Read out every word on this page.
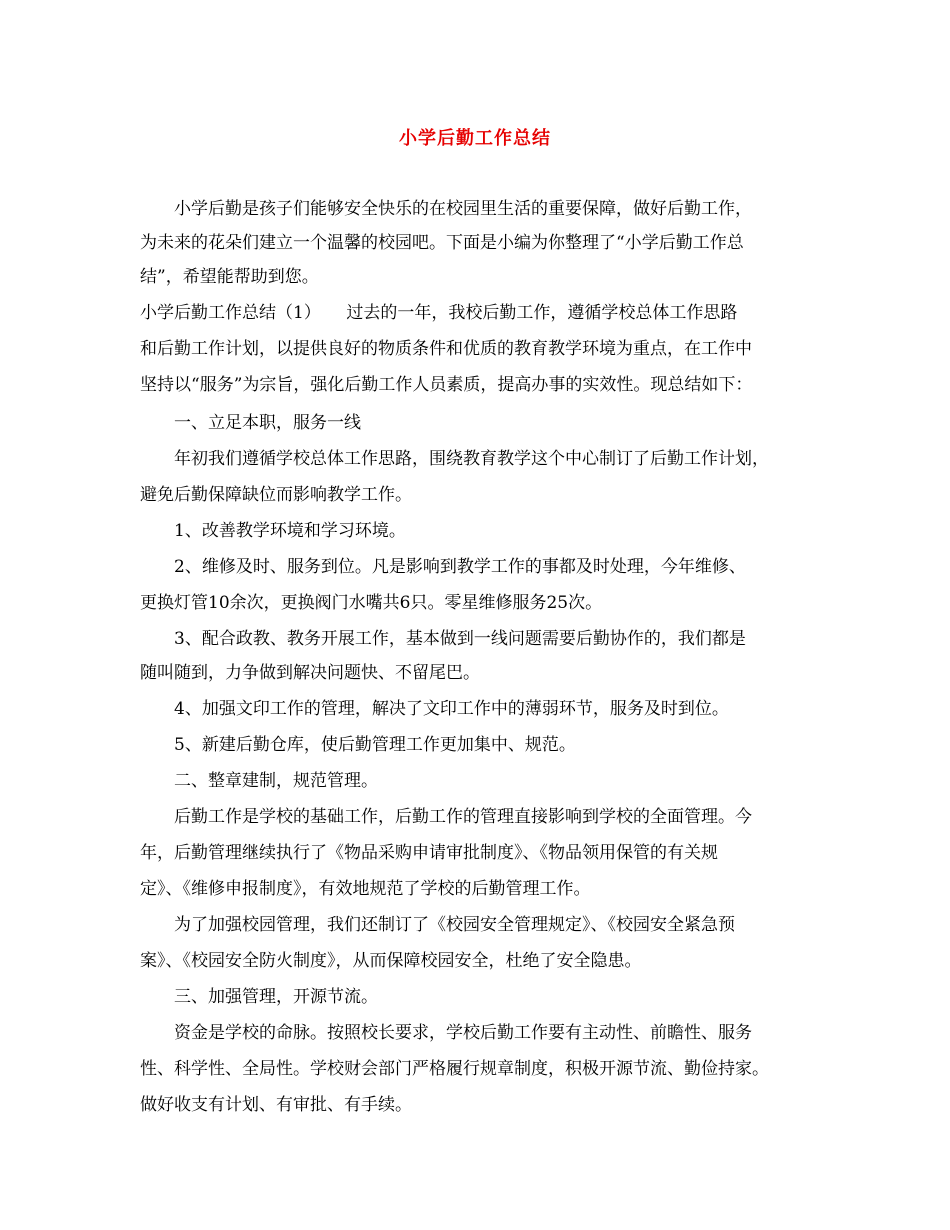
小学后勤工作总结
小学后勤是孩子们能够安全快乐的在校园里生活的重要保障，做好后勤工作，
为未来的花朵们建立一个温馨的校园吧。下面是小编为你整理了“小学后勤工作总
结”，希望能帮助到您。
小学后勤工作总结（1）　　过去的一年，我校后勤工作，遵循学校总体工作思路
和后勤工作计划，以提供良好的物质条件和优质的教育教学环境为重点，在工作中
坚持以“服务”为宗旨，强化后勤工作人员素质，提高办事的实效性。现总结如下：
一、立足本职，服务一线
年初我们遵循学校总体工作思路，围绕教育教学这个中心制订了后勤工作计划，
避免后勤保障缺位而影响教学工作。
1、改善教学环境和学习环境。
2、维修及时、服务到位。凡是影响到教学工作的事都及时处理，今年维修、
更换灯管10余次，更换阀门水嘴共6只。零星维修服务25次。
3、配合政教、教务开展工作，基本做到一线问题需要后勤协作的，我们都是
随叫随到，力争做到解决问题快、不留尾巴。
4、加强文印工作的管理，解决了文印工作中的薄弱环节，服务及时到位。
5、新建后勤仓库，使后勤管理工作更加集中、规范。
二、整章建制，规范管理。
后勤工作是学校的基础工作，后勤工作的管理直接影响到学校的全面管理。今
年，后勤管理继续执行了《物品采购申请审批制度》、《物品领用保管的有关规
定》、《维修申报制度》，有效地规范了学校的后勤管理工作。
为了加强校园管理，我们还制订了《校园安全管理规定》、《校园安全紧急预
案》、《校园安全防火制度》，从而保障校园安全，杜绝了安全隐患。
三、加强管理，开源节流。
资金是学校的命脉。按照校长要求，学校后勤工作要有主动性、前瞻性、服务
性、科学性、全局性。学校财会部门严格履行规章制度，积极开源节流、勤俭持家。
做好收支有计划、有审批、有手续。
